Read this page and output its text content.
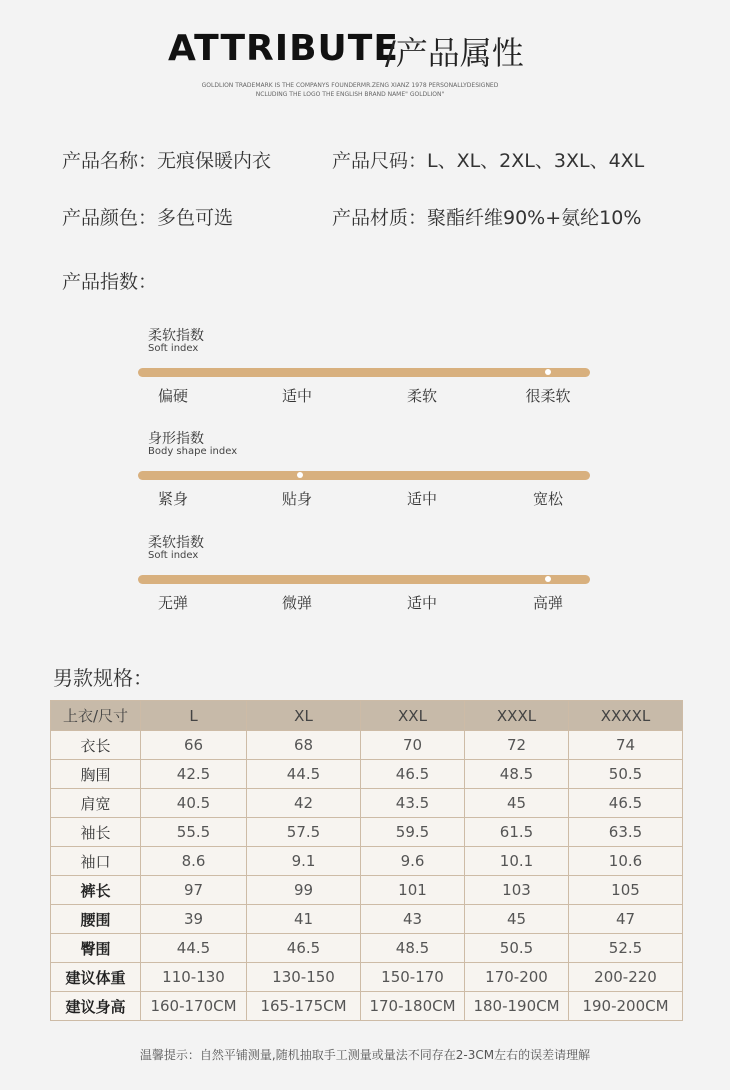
ATTRIBUTE
/产品属性
GOLDLION TRADEMARK IS THE COMPANYS FOUNDERMR.ZENG XIANZ 1978 PERSONALLYDESIGNED
NCLUDING THE LOGO THE ENGLISH BRAND NAME" GOLDLION"
产品名称：无痕保暖内衣	产品尺码：L、XL、2XL、3XL、4XL
产品颜色：多色可选	产品材质：聚酯纤维90%+氨纶10%
产品指数：
柔软指数
Soft index
偏硬	适中	柔软	很柔软
身形指数
Body shape index
紧身	贴身	适中	宽松
柔软指数
Soft index
无弹	微弹	适中	高弹
男款规格：
上衣/尺寸	L	XL	XXL	XXXL	XXXXL
衣长	66	68	70	72	74
胸围	42.5	44.5	46.5	48.5	50.5
肩宽	40.5	42	43.5	45	46.5
袖长	55.5	57.5	59.5	61.5	63.5
袖口	8.6	9.1	9.6	10.1	10.6
裤长	97	99	101	103	105
腰围	39	41	43	45	47
臀围	44.5	46.5	48.5	50.5	52.5
建议体重	110-130	130-150	150-170	170-200	200-220
建议身高	160-170CM	165-175CM	170-180CM	180-190CM	190-200CM
温馨提示：自然平铺测量,随机抽取手工测量或量法不同存在2-3CM左右的误差请理解
